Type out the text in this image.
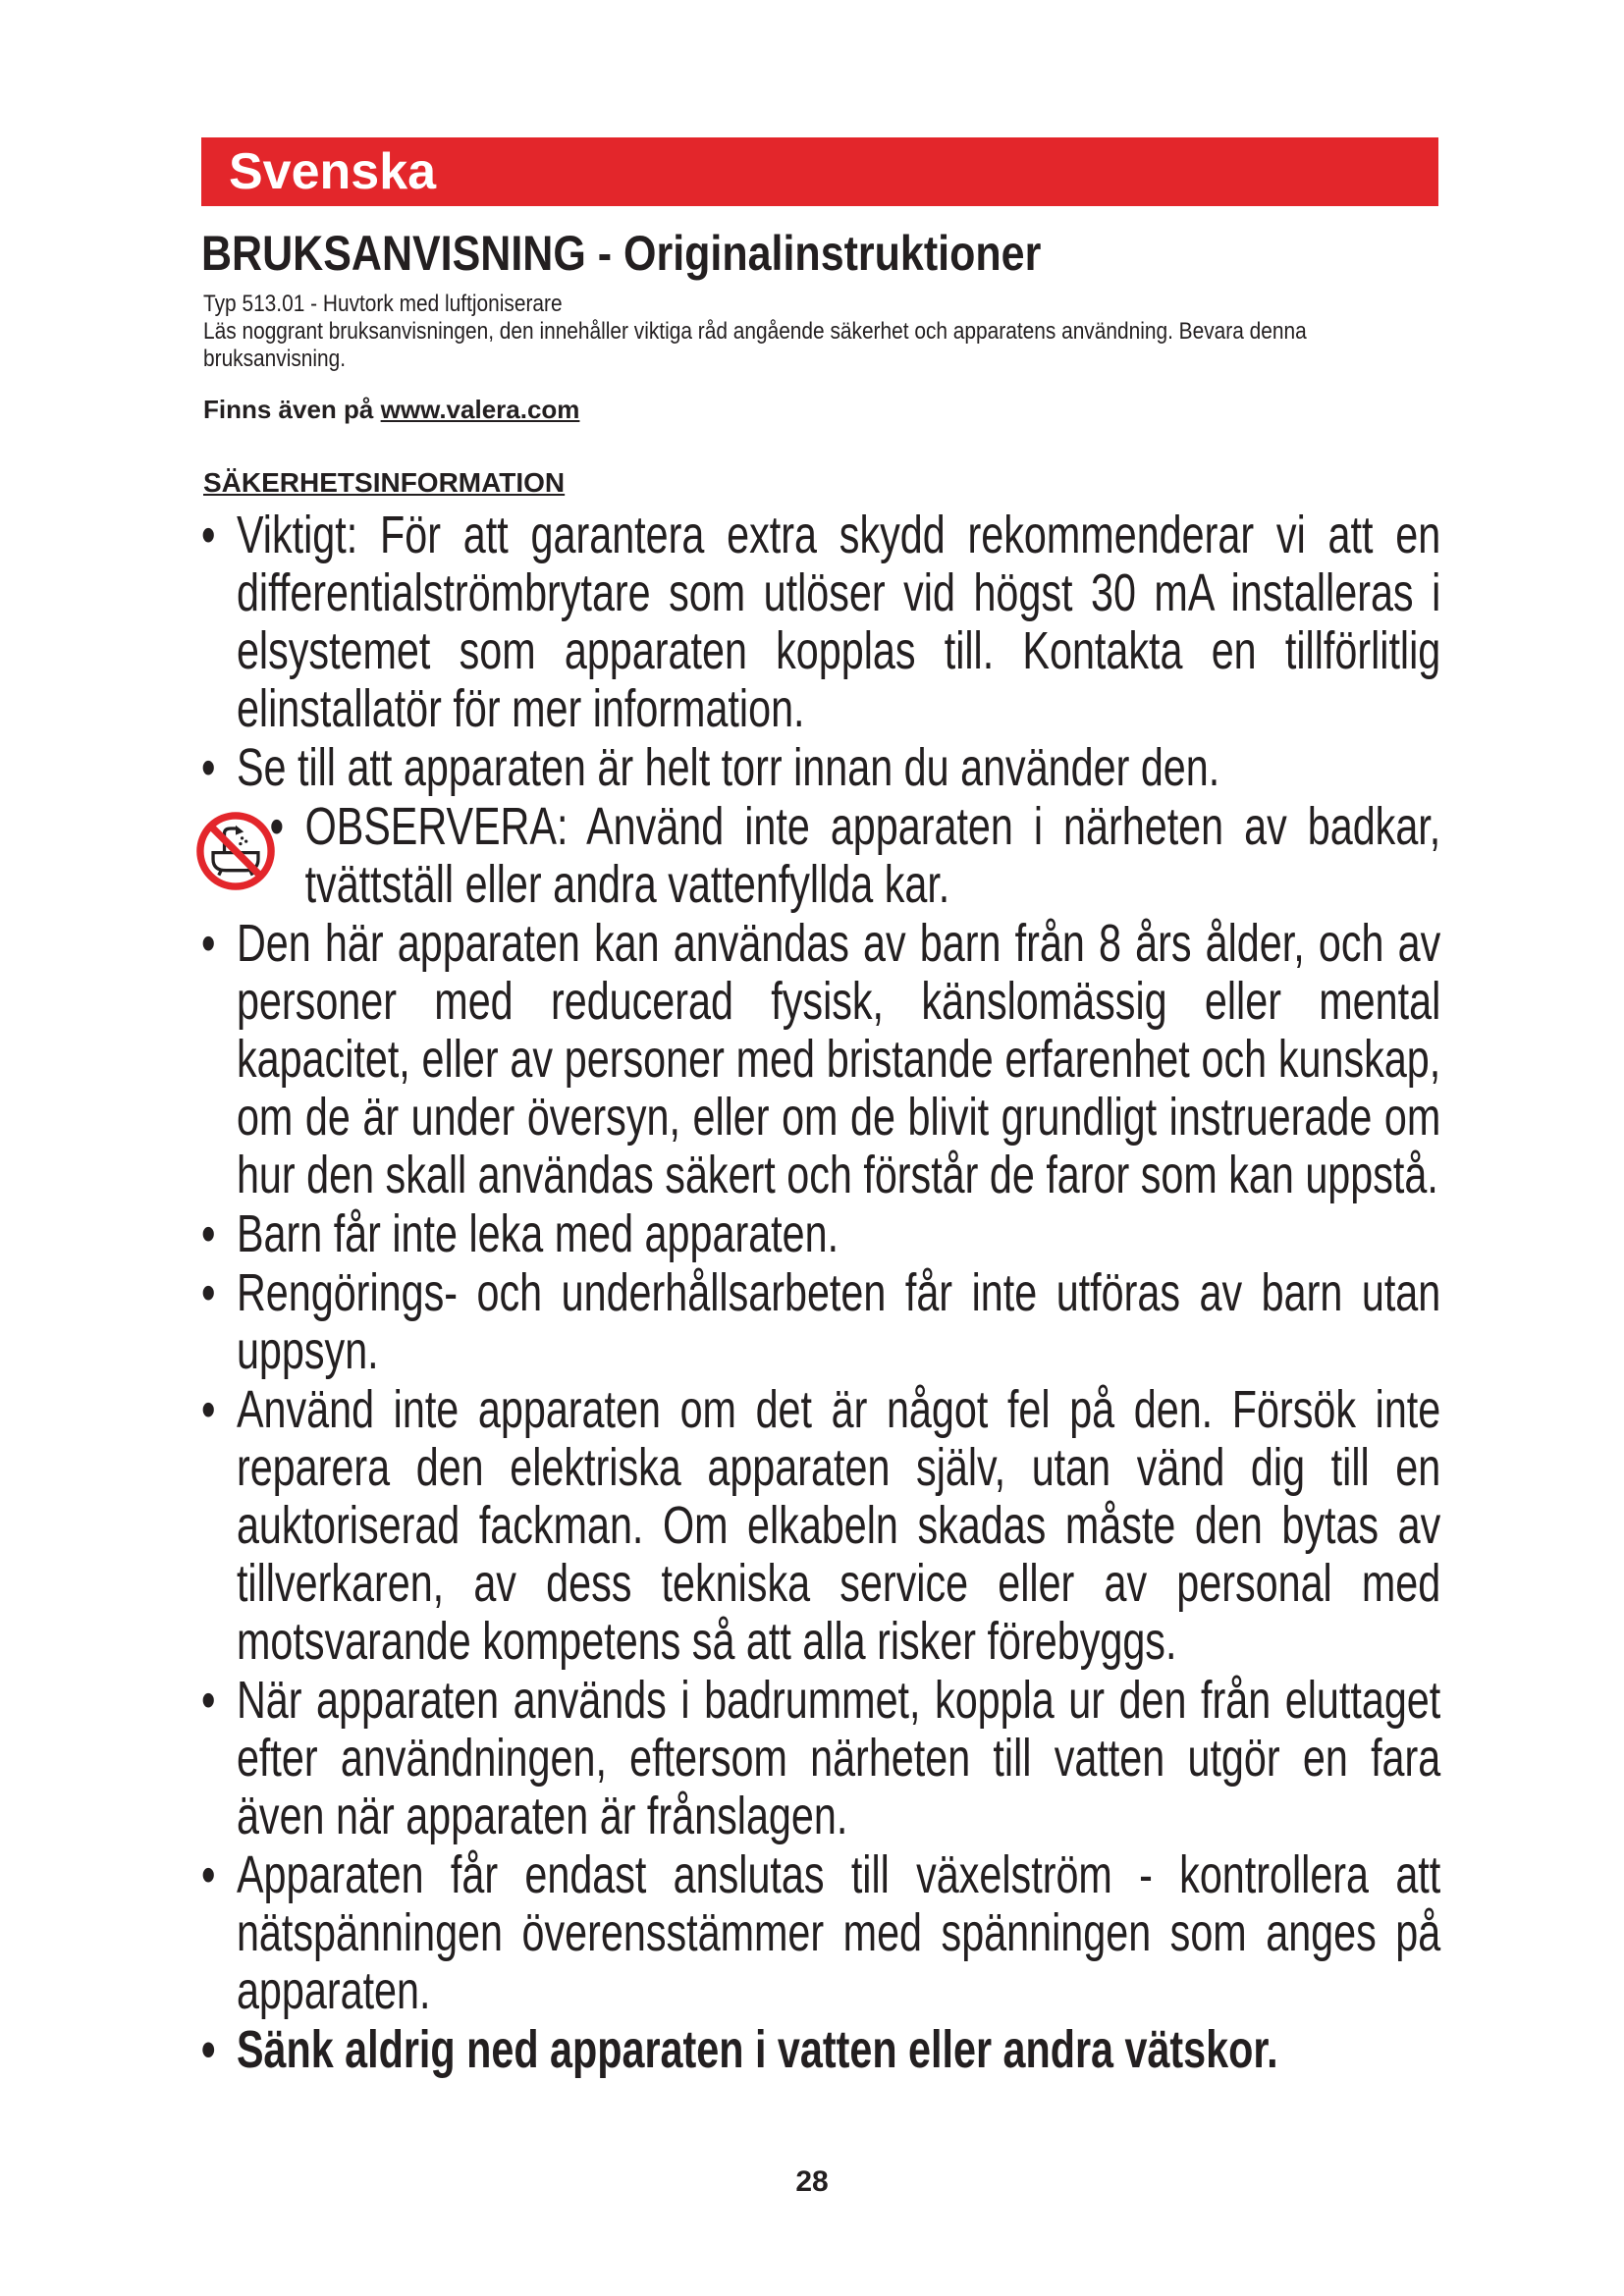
Svenska
BRUKSANVISNING - Originalinstruktioner

Typ 513.01 - Huvtork med luftjoniserare

Läs noggrant bruksanvisningen, den innehåller viktiga råd angående säkerhet och apparatens användning. Bevara denna bruksanvisning.

Finns även på www.valera.com
SÄKERHETSINFORMATION
• Viktigt: För att garantera extra skydd rekommenderar vi att en differentialströmbrytare som utlöser vid högst 30 mA installeras i elsystemet som apparaten kopplas till. Kontakta en tillförlitlig elinstallatör för mer information.
• Se till att apparaten är helt torr innan du använder den.
• OBSERVERA: Använd inte apparaten i närheten av badkar, tvättställ eller andra vattenfyllda kar.
• Den här apparaten kan användas av barn från 8 års ålder, och av personer med reducerad fysisk, känslomässig eller mental kapacitet, eller av personer med bristande erfarenhet och kunskap, om de är under översyn, eller om de blivit grundligt instruerade om hur den skall användas säkert och förstår de faror som kan uppstå.
• Barn får inte leka med apparaten.
• Rengörings- och underhållsarbeten får inte utföras av barn utan uppsyn.
• Använd inte apparaten om det är något fel på den. Försök inte reparera den elektriska apparaten själv, utan vänd dig till en auktoriserad fackman. Om elkabeln skadas måste den bytas av tillverkaren, av dess tekniska service eller av personal med motsvarande kompetens så att alla risker förebyggs.
• När apparaten används i badrummet, koppla ur den från eluttaget efter användningen, eftersom närheten till vatten utgör en fara även när apparaten är frånslagen.
• Apparaten får endast anslutas till växelström - kontrollera att nätspänningen överensstämmer med spänningen som anges på apparaten.
• Sänk aldrig ned apparaten i vatten eller andra vätskor.
28
